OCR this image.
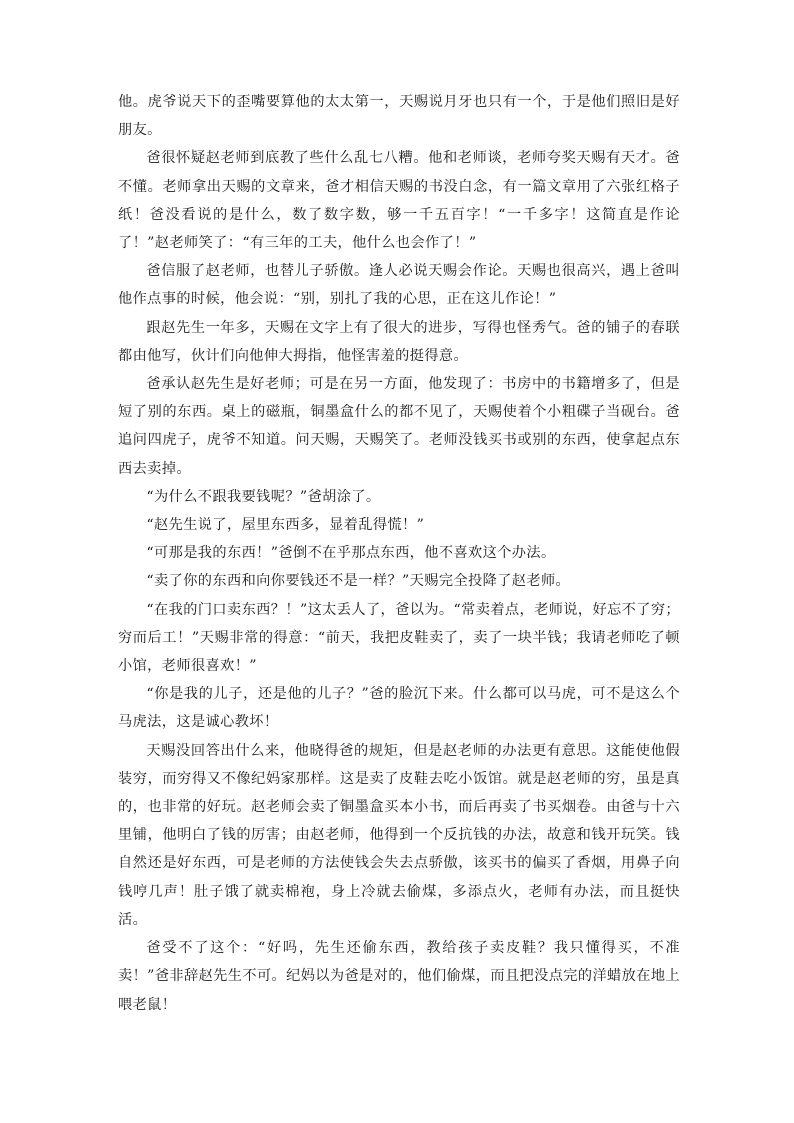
他。虎爷说天下的歪嘴要算他的太太第一，天赐说月牙也只有一个，于是他们照旧是好朋友。

爸很怀疑赵老师到底教了些什么乱七八糟。他和老师谈，老师夸奖天赐有天才。爸不懂。老师拿出天赐的文章来，爸才相信天赐的书没白念，有一篇文章用了六张红格子纸！爸没看说的是什么，数了数字数，够一千五百字！“一千多字！这简直是作论了！”赵老师笑了：“有三年的工夫，他什么也会作了！”

爸信服了赵老师，也替儿子骄傲。逢人必说天赐会作论。天赐也很高兴，遇上爸叫他作点事的时候，他会说：“别，别扎了我的心思，正在这儿作论！”

跟赵先生一年多，天赐在文字上有了很大的进步，写得也怪秀气。爸的铺子的春联都由他写，伙计们向他伸大拇指，他怪害羞的挺得意。

爸承认赵先生是好老师；可是在另一方面，他发现了：书房中的书籍增多了，但是短了别的东西。桌上的磁瓶，铜墨盒什么的都不见了，天赐使着个小粗碟子当砚台。爸追问四虎子，虎爷不知道。问天赐，天赐笑了。老师没钱买书或别的东西，使拿起点东西去卖掉。

“为什么不跟我要钱呢？”爸胡涂了。

“赵先生说了，屋里东西多，显着乱得慌！”

“可那是我的东西！”爸倒不在乎那点东西，他不喜欢这个办法。

“卖了你的东西和向你要钱还不是一样？”天赐完全投降了赵老师。

“在我的门口卖东西？！”这太丢人了，爸以为。“常卖着点，老师说，好忘不了穷；穷而后工！”天赐非常的得意：“前天，我把皮鞋卖了，卖了一块半钱；我请老师吃了顿小馆，老师很喜欢！”

“你是我的儿子，还是他的儿子？”爸的脸沉下来。什么都可以马虎，可不是这么个马虎法，这是诚心教坏！

天赐没回答出什么来，他晓得爸的规矩，但是赵老师的办法更有意思。这能使他假装穷，而穷得又不像纪妈家那样。这是卖了皮鞋去吃小饭馆。就是赵老师的穷，虽是真的，也非常的好玩。赵老师会卖了铜墨盒买本小书，而后再卖了书买烟卷。由爸与十六里铺，他明白了钱的厉害；由赵老师，他得到一个反抗钱的办法，故意和钱开玩笑。钱自然还是好东西，可是老师的方法使钱会失去点骄傲，该买书的偏买了香烟，用鼻子向钱哼几声！肚子饿了就卖棉袍，身上冷就去偷煤，多添点火，老师有办法，而且挺快活。

爸受不了这个：“好吗，先生还偷东西，教给孩子卖皮鞋？我只懂得买，不准卖！”爸非辞赵先生不可。纪妈以为爸是对的，他们偷煤，而且把没点完的洋蜡放在地上喂老鼠！
